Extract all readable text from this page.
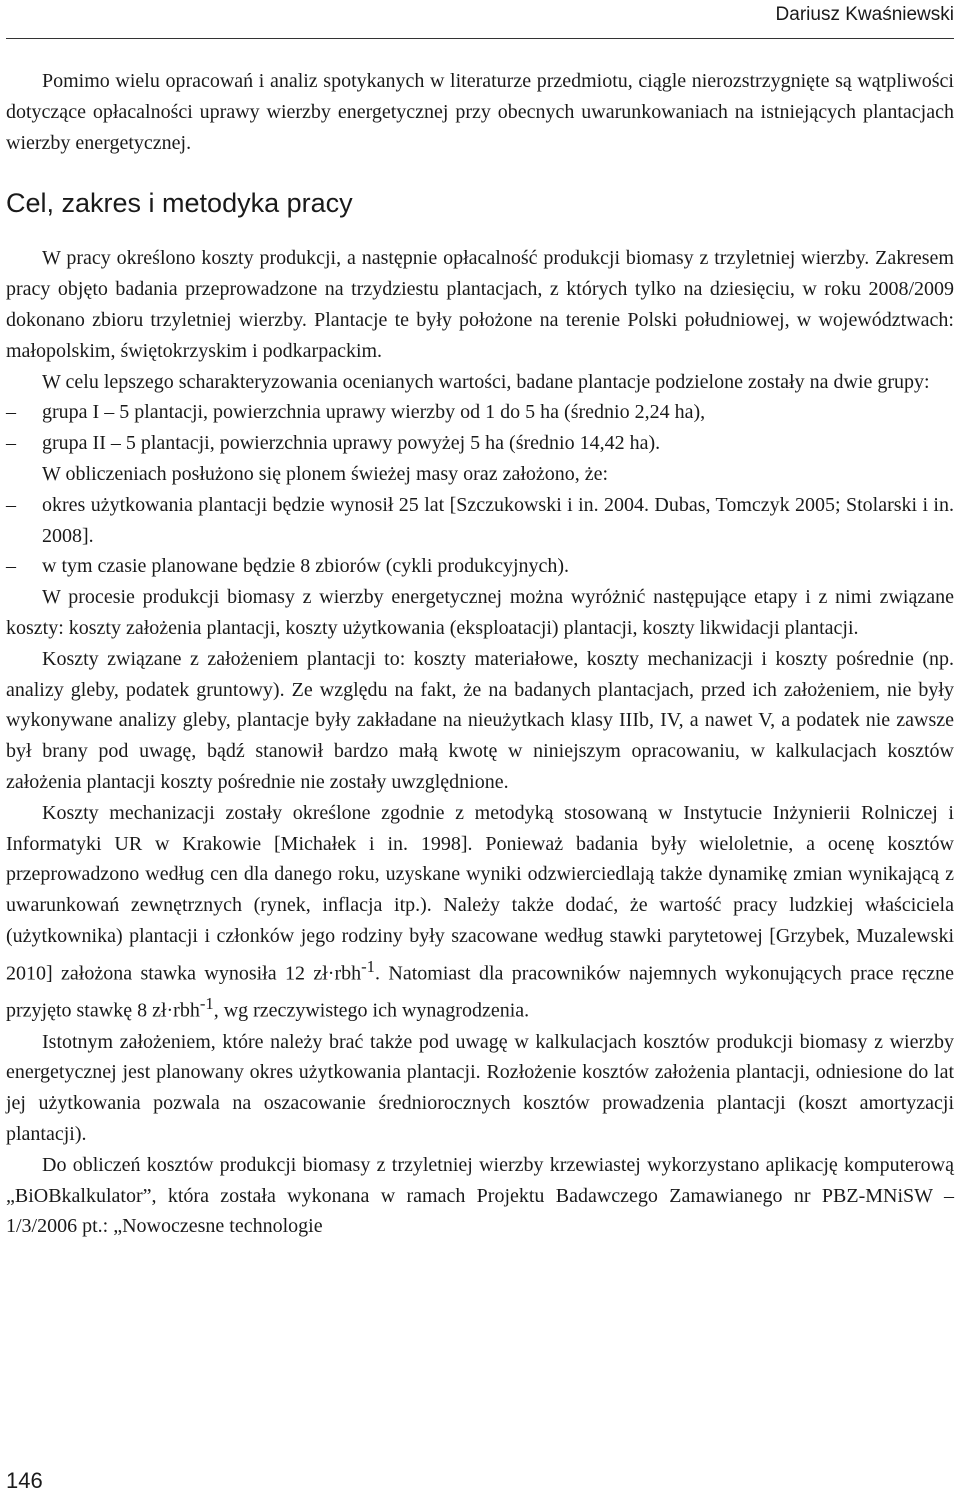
Dariusz Kwaśniewski

Pomimo wielu opracowań i analiz spotykanych w literaturze przedmiotu, ciągle nierozstrzygnięte są wątpliwości dotyczące opłacalności uprawy wierzby energetycznej przy obecnych uwarunkowaniach na istniejących plantacjach wierzby energetycznej.

Cel, zakres i metodyka pracy

W pracy określono koszty produkcji, a następnie opłacalność produkcji biomasy z trzyletniej wierzby. Zakresem pracy objęto badania przeprowadzone na trzydziestu plantacjach, z których tylko na dziesięciu, w roku 2008/2009 dokonano zbioru trzyletniej wierzby. Plantacje te były położone na terenie Polski południowej, w województwach: małopolskim, świętokrzyskim i podkarpackim.

W celu lepszego scharakteryzowania ocenianych wartości, badane plantacje podzielone zostały na dwie grupy:

– grupa I – 5 plantacji, powierzchnia uprawy wierzby od 1 do 5 ha (średnio 2,24 ha),
– grupa II – 5 plantacji, powierzchnia uprawy powyżej 5 ha (średnio 14,42 ha).

W obliczeniach posłużono się plonem świeżej masy oraz założono, że:

– okres użytkowania plantacji będzie wynosił 25 lat [Szczukowski i in. 2004. Dubas, Tomczyk 2005; Stolarski i in. 2008].
– w tym czasie planowane będzie 8 zbiorów (cykli produkcyjnych).

W procesie produkcji biomasy z wierzby energetycznej można wyróżnić następujące etapy i z nimi związane koszty: koszty założenia plantacji, koszty użytkowania (eksploatacji) plantacji, koszty likwidacji plantacji.

Koszty związane z założeniem plantacji to: koszty materiałowe, koszty mechanizacji i koszty pośrednie (np. analizy gleby, podatek gruntowy). Ze względu na fakt, że na badanych plantacjach, przed ich założeniem, nie były wykonywane analizy gleby, plantacje były zakładane na nieużytkach klasy IIIb, IV, a nawet V, a podatek nie zawsze był brany pod uwagę, bądź stanowił bardzo małą kwotę w niniejszym opracowaniu, w kalkulacjach kosztów założenia plantacji koszty pośrednie nie zostały uwzględnione.

Koszty mechanizacji zostały określone zgodnie z metodyką stosowaną w Instytucie Inżynierii Rolniczej i Informatyki UR w Krakowie [Michałek i in. 1998]. Ponieważ badania były wieloletnie, a ocenę kosztów przeprowadzono według cen dla danego roku, uzyskane wyniki odzwierciedlają także dynamikę zmian wynikającą z uwarunkowań zewnętrznych (rynek, inflacja itp.). Należy także dodać, że wartość pracy ludzkiej właściciela (użytkownika) plantacji i członków jego rodziny były szacowane według stawki parytetowej [Grzybek, Muzalewski 2010] założona stawka wynosiła 12 zł·rbh$^{-1}$. Natomiast dla pracowników najemnych wykonujących prace ręczne przyjęto stawkę 8 zł·rbh$^{-1}$, wg rzeczywistego ich wynagrodzenia.

Istotnym założeniem, które należy brać także pod uwagę w kalkulacjach kosztów produkcji biomasy z wierzby energetycznej jest planowany okres użytkowania plantacji. Rozłożenie kosztów założenia plantacji, odniesione do lat jej użytkowania pozwala na oszacowanie średniorocznych kosztów prowadzenia plantacji (koszt amortyzacji plantacji).

Do obliczeń kosztów produkcji biomasy z trzyletniej wierzby krzewiastej wykorzystano aplikację komputerową „BiOBkalkulator”, która została wykonana w ramach Projektu Badawczego Zamawianego nr PBZ-MNiSW – 1/3/2006 pt.: „Nowoczesne technologie

146
